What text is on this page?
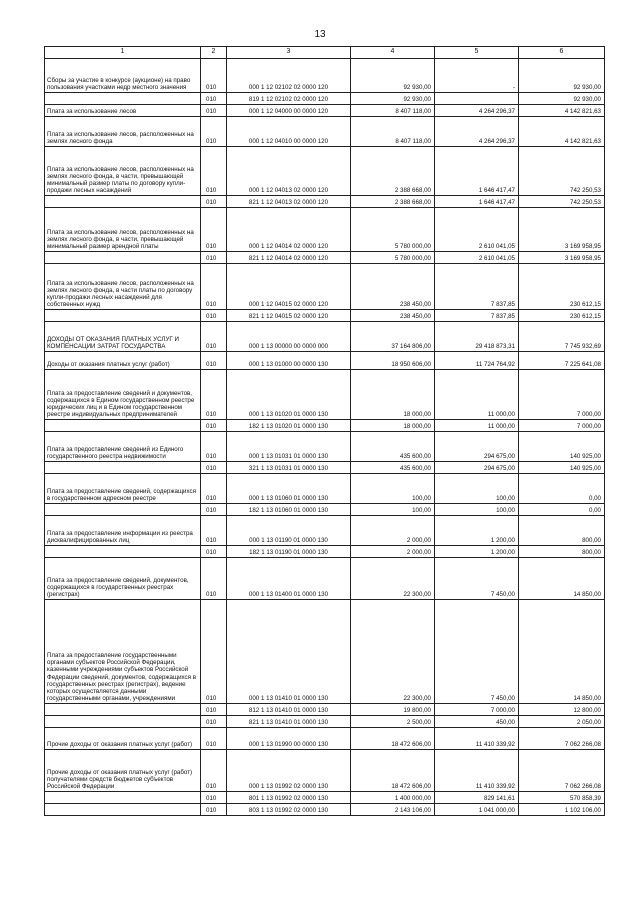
13
1	2	3	4	5	6
Сборы за участие в конкурсе (аукционе) на право пользования участками недр местного значения	010	000 1 12 02102 02 0000 120	92 930,00	-	92 930,00
	010	819 1 12 02102 02 0000 120	92 930,00		92 930,00
Плата за использование лесов	010	000 1 12 04000 00 0000 120	8 407 118,00	4 264 296,37	4 142 821,63
Плата за использование лесов, расположенных на землях лесного фонда	010	000 1 12 04010 00 0000 120	8 407 118,00	4 264 296,37	4 142 821,63
Плата за использование лесов, расположенных на землях лесного фонда, в части, превышающей минимальный размер платы по договору купли-продажи лесных насаждений	010	000 1 12 04013 02 0000 120	2 388 668,00	1 646 417,47	742 250,53
	010	821 1 12 04013 02 0000 120	2 388 668,00	1 646 417,47	742 250,53
Плата за использование лесов, расположенных на землях лесного фонда, в части, превышающей минимальный размер арендной платы	010	000 1 12 04014 02 0000 120	5 780 000,00	2 610 041,05	3 169 958,95
	010	821 1 12 04014 02 0000 120	5 780 000,00	2 610 041,05	3 169 958,95
Плата за использование лесов, расположенных на землях лесного фонда, в части платы по договору купли-продажи лесных насаждений для собственных нужд	010	000 1 12 04015 02 0000 120	238 450,00	7 837,85	230 612,15
	010	821 1 12 04015 02 0000 120	238 450,00	7 837,85	230 612,15
ДОХОДЫ ОТ ОКАЗАНИЯ ПЛАТНЫХ УСЛУГ И КОМПЕНСАЦИИ ЗАТРАТ ГОСУДАРСТВА	010	000 1 13 00000 00 0000 000	37 164 806,00	29 418 873,31	7 745 932,69
Доходы от оказания платных услуг (работ)	010	000 1 13 01000 00 0000 130	18 950 606,00	11 724 764,92	7 225 641,08
Плата за предоставление сведений и документов, содержащихся в Едином государственном реестре юридических лиц и в Едином государственном реестре индивидуальных предпринимателей	010	000 1 13 01020 01 0000 130	18 000,00	11 000,00	7 000,00
	010	182 1 13 01020 01 0000 130	18 000,00	11 000,00	7 000,00
Плата за предоставление сведений из Единого государственного реестра недвижимости	010	000 1 13 01031 01 0000 130	435 600,00	294 675,00	140 925,00
	010	321 1 13 01031 01 0000 130	435 600,00	294 675,00	140 925,00
Плата за предоставление сведений, содержащихся в государственном адресном реестре	010	000 1 13 01060 01 0000 130	100,00	100,00	0,00
	010	182 1 13 01060 01 0000 130	100,00	100,00	0,00
Плата за предоставление информации из реестра дисквалифицированных лиц	010	000 1 13 01190 01 0000 130	2 000,00	1 200,00	800,00
	010	182 1 13 01190 01 0000 130	2 000,00	1 200,00	800,00
Плата за предоставление сведений, документов, содержащихся в государственных реестрах (регистрах)	010	000 1 13 01400 01 0000 130	22 300,00	7 450,00	14 850,00
Плата за предоставление государственными органами субъектов Российской Федерации, казенными учреждениями субъектов Российской Федерации сведений, документов, содержащихся в государственных реестрах (регистрах), ведение которых осуществляется данными государственными органами, учреждениями	010	000 1 13 01410 01 0000 130	22 300,00	7 450,00	14 850,00
	010	812 1 13 01410 01 0000 130	19 800,00	7 000,00	12 800,00
	010	821 1 13 01410 01 0000 130	2 500,00	450,00	2 050,00
Прочие доходы от оказания платных услуг (работ)	010	000 1 13 01990 00 0000 130	18 472 606,00	11 410 339,92	7 062 266,08
Прочие доходы от оказания платных услуг (работ) получателями средств бюджетов субъектов Российской Федерации	010	000 1 13 01992 02 0000 130	18 472 606,00	11 410 339,92	7 062 266,08
	010	801 1 13 01992 02 0000 130	1 400 000,00	829 141,61	570 858,39
	010	803 1 13 01992 02 0000 130	2 143 106,00	1 041 000,00	1 102 106,00
